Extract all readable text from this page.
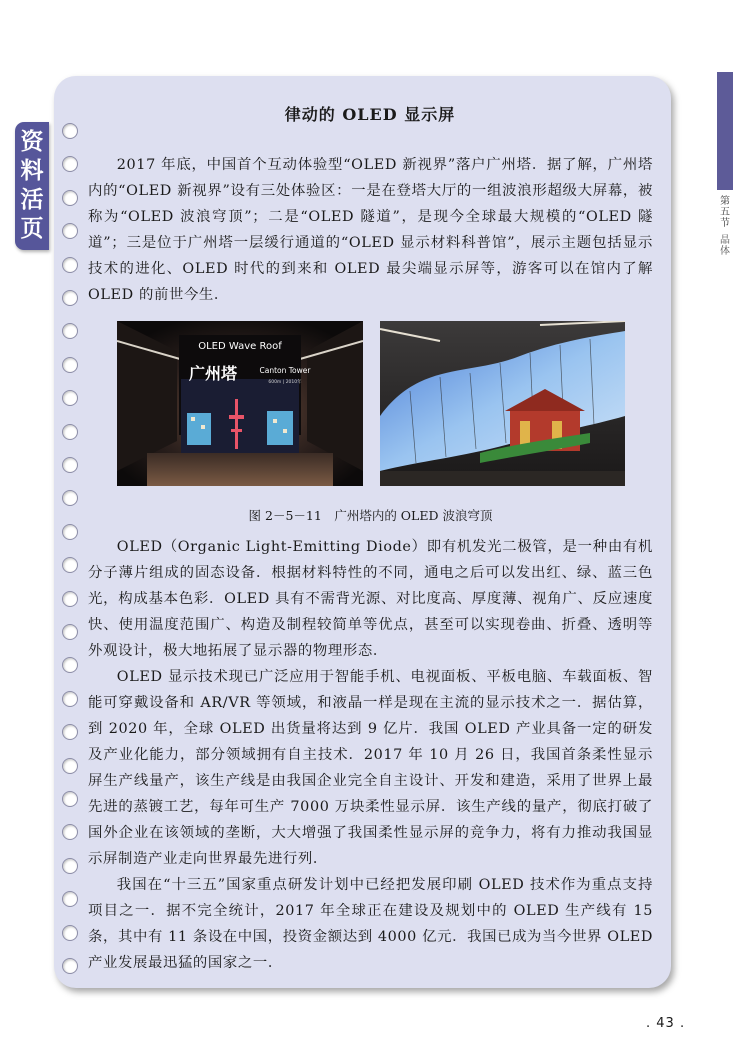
第五节
晶体
资
料
活
页
律动的 OLED 显示屏

2017 年底，中国首个互动体验型“OLED 新视界”落户广州塔．据了解，广州塔内的“OLED 新视界”设有三处体验区：一是在登塔大厅的一组波浪形超级大屏幕，被称为“OLED 波浪穹顶”；二是“OLED 隧道”，是现今全球最大规模的“OLED 隧道”；三是位于广州塔一层缓行通道的“OLED 显示材料科普馆”，展示主题包括显示技术的进化、OLED 时代的到来和 OLED 最尖端显示屏等，游客可以在馆内了解 OLED 的前世今生．

OLED Wave Roof
广州塔	Canton Tower
600m | 2010年
图 2－5－11　广州塔内的 OLED 波浪穹顶

OLED（Organic Light-Emitting Diode）即有机发光二极管，是一种由有机分子薄片组成的固态设备．根据材料特性的不同，通电之后可以发出红、绿、蓝三色光，构成基本色彩．OLED 具有不需背光源、对比度高、厚度薄、视角广、反应速度快、使用温度范围广、构造及制程较简单等优点，甚至可以实现卷曲、折叠、透明等外观设计，极大地拓展了显示器的物理形态．

OLED 显示技术现已广泛应用于智能手机、电视面板、平板电脑、车载面板、智能可穿戴设备和 AR/VR 等领域，和液晶一样是现在主流的显示技术之一．据估算，到 2020 年，全球 OLED 出货量将达到 9 亿片．我国 OLED 产业具备一定的研发及产业化能力，部分领域拥有自主技术．2017 年 10 月 26 日，我国首条柔性显示屏生产线量产，该生产线是由我国企业完全自主设计、开发和建造，采用了世界上最先进的蒸镀工艺，每年可生产 7000 万块柔性显示屏．该生产线的量产，彻底打破了国外企业在该领域的垄断，大大增强了我国柔性显示屏的竞争力，将有力推动我国显示屏制造产业走向世界最先进行列．

我国在“十三五”国家重点研发计划中已经把发展印刷 OLED 技术作为重点支持项目之一．据不完全统计，2017 年全球正在建设及规划中的 OLED 生产线有 15 条，其中有 11 条设在中国，投资金额达到 4000 亿元．我国已成为当今世界 OLED 产业发展最迅猛的国家之一．

. 43 .
